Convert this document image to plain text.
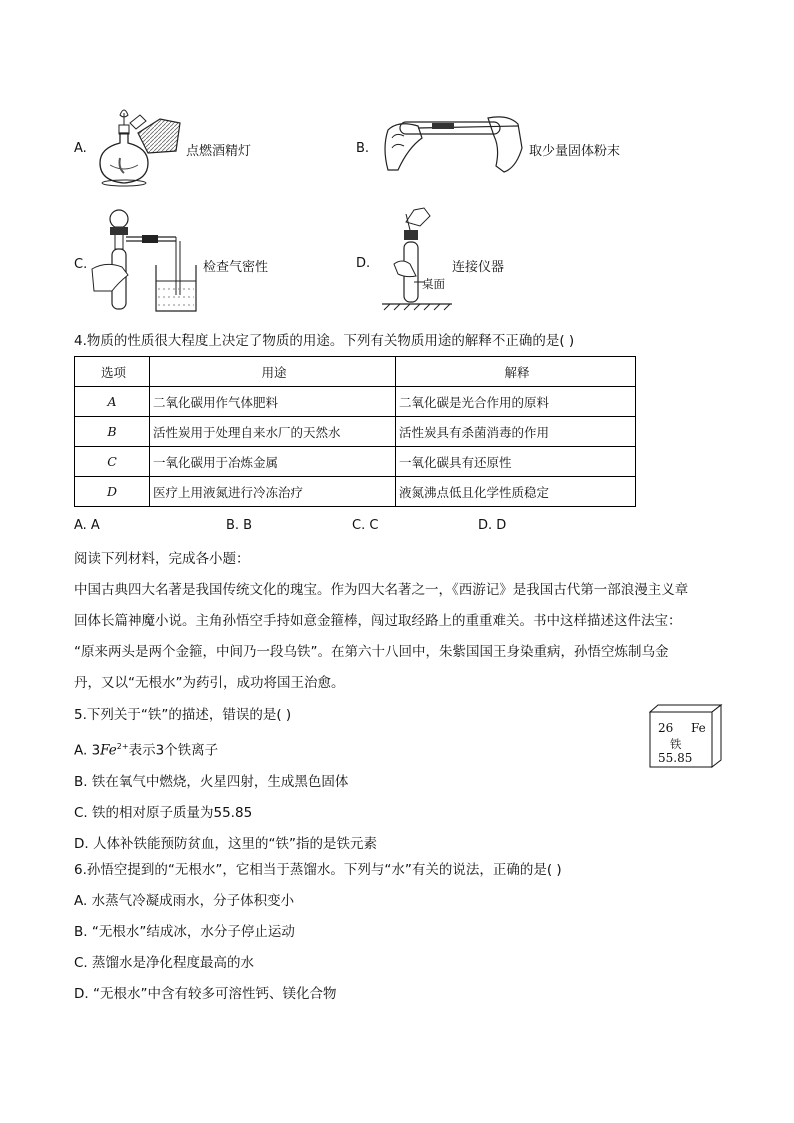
A.	点燃酒精灯	B.	取少量固体粉末
C.	检查气密性	D.
桌面
连接仪器
4.物质的性质很大程度上决定了物质的用途。下列有关物质用途的解释不正确的是( )
选项	用途	解释
A	二氧化碳用作气体肥料	二氧化碳是光合作用的原料
B	活性炭用于处理自来水厂的天然水	活性炭具有杀菌消毒的作用
C	一氧化碳用于冶炼金属	一氧化碳具有还原性
D	医疗上用液氮进行冷冻治疗	液氮沸点低且化学性质稳定
A. A	B. B	C. C	D. D

阅读下列材料，完成各小题：

中国古典四大名著是我国传统文化的瑰宝。作为四大名著之一，《西游记》是我国古代第一部浪漫主义章

回体长篇神魔小说。主角孙悟空手持如意金箍棒，闯过取经路上的重重难关。书中这样描述这件法宝：

“原来两头是两个金箍，中间乃一段乌铁”。在第六十八回中，朱紫国国王身染重病，孙悟空炼制乌金

丹，又以“无根水”为药引，成功将国王治愈。

5.下列关于“铁”的描述，错误的是( )

A. $3Fe^{2+}$表示3个铁离子

B. 铁在氧气中燃烧，火星四射，生成黑色固体

C. 铁的相对原子质量为55.85

D. 人体补铁能预防贫血，这里的“铁”指的是铁元素

26 Fe
铁
55.85

6.孙悟空提到的“无根水”，它相当于蒸馏水。下列与“水”有关的说法，正确的是( )

A. 水蒸气冷凝成雨水，分子体积变小

B. “无根水”结成冰，水分子停止运动

C. 蒸馏水是净化程度最高的水

D. “无根水”中含有较多可溶性钙、镁化合物
